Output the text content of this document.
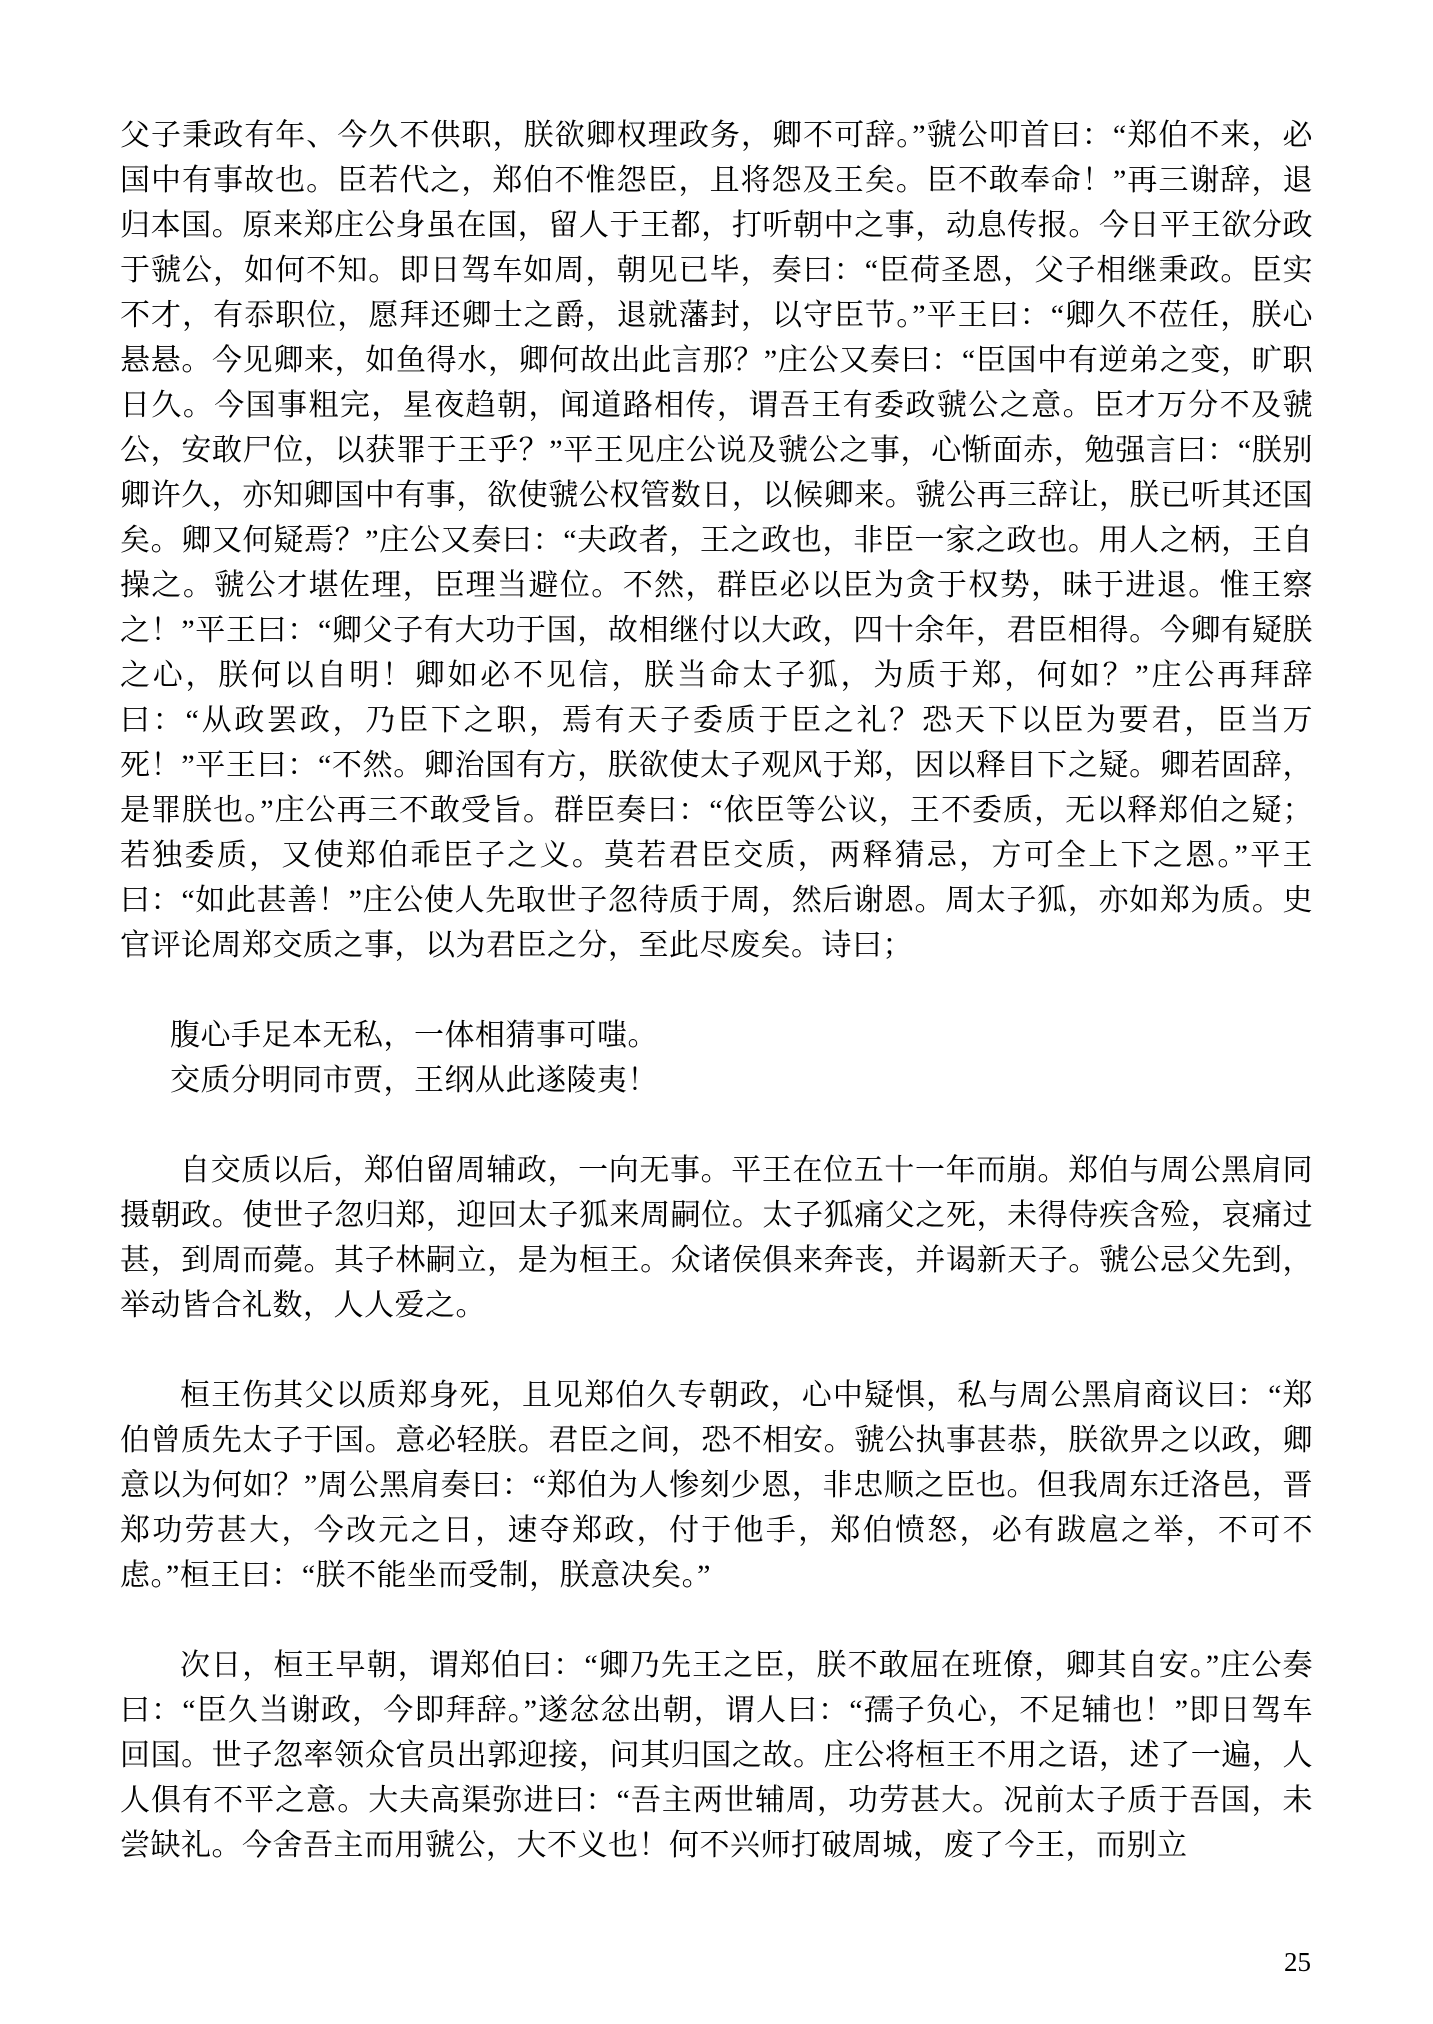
父子秉政有年、今久不供职，朕欲卿权理政务，卿不可辞。”虢公叩首曰：“郑伯不来，必国中有事故也。臣若代之，郑伯不惟怨臣，且将怨及王矣。臣不敢奉命！”再三谢辞，退归本国。原来郑庄公身虽在国，留人于王都，打听朝中之事，动息传报。今日平王欲分政于虢公，如何不知。即日驾车如周，朝见已毕，奏曰：“臣荷圣恩，父子相继秉政。臣实不才，有忝职位，愿拜还卿士之爵，退就藩封，以守臣节。”平王曰：“卿久不莅任，朕心悬悬。今见卿来，如鱼得水，卿何故出此言那？”庄公又奏曰：“臣国中有逆弟之变，旷职日久。今国事粗完，星夜趋朝，闻道路相传，谓吾王有委政虢公之意。臣才万分不及虢公，安敢尸位，以获罪于王乎？”平王见庄公说及虢公之事，心惭面赤，勉强言曰：“朕别卿许久，亦知卿国中有事，欲使虢公权管数日，以候卿来。虢公再三辞让，朕已听其还国矣。卿又何疑焉？”庄公又奏曰：“夫政者，王之政也，非臣一家之政也。用人之柄，王自操之。虢公才堪佐理，臣理当避位。不然，群臣必以臣为贪于权势，昧于进退。惟王察之！”平王曰：“卿父子有大功于国，故相继付以大政，四十余年，君臣相得。今卿有疑朕之心，朕何以自明！卿如必不见信，朕当命太子狐，为质于郑，何如？”庄公再拜辞曰：“从政罢政，乃臣下之职，焉有天子委质于臣之礼？恐天下以臣为要君，臣当万死！”平王曰：“不然。卿治国有方，朕欲使太子观风于郑，因以释目下之疑。卿若固辞，是罪朕也。”庄公再三不敢受旨。群臣奏曰：“依臣等公议，王不委质，无以释郑伯之疑；若独委质，又使郑伯乖臣子之义。莫若君臣交质，两释猜忌，方可全上下之恩。”平王曰：“如此甚善！”庄公使人先取世子忽待质于周，然后谢恩。周太子狐，亦如郑为质。史官评论周郑交质之事，以为君臣之分，至此尽废矣。诗曰；

腹心手足本无私，一体相猜事可嗤。
交质分明同市贾，王纲从此遂陵夷！

自交质以后，郑伯留周辅政，一向无事。平王在位五十一年而崩。郑伯与周公黑肩同摄朝政。使世子忽归郑，迎回太子狐来周嗣位。太子狐痛父之死，未得侍疾含殓，哀痛过甚，到周而薨。其子林嗣立，是为桓王。众诸侯俱来奔丧，并谒新天子。虢公忌父先到，举动皆合礼数，人人爱之。

桓王伤其父以质郑身死，且见郑伯久专朝政，心中疑惧，私与周公黑肩商议曰：“郑伯曾质先太子于国。意必轻朕。君臣之间，恐不相安。虢公执事甚恭，朕欲畀之以政，卿意以为何如？”周公黑肩奏曰：“郑伯为人惨刻少恩，非忠顺之臣也。但我周东迁洛邑，晋郑功劳甚大，今改元之日，速夺郑政，付于他手，郑伯愤怒，必有跋扈之举，不可不虑。”桓王曰：“朕不能坐而受制，朕意决矣。”

次日，桓王早朝，谓郑伯曰：“卿乃先王之臣，朕不敢屈在班僚，卿其自安。”庄公奏曰：“臣久当谢政，今即拜辞。”遂忿忿出朝，谓人曰：“孺子负心，不足辅也！”即日驾车回国。世子忽率领众官员出郭迎接，问其归国之故。庄公将桓王不用之语，述了一遍，人人俱有不平之意。大夫高渠弥进曰：“吾主两世辅周，功劳甚大。况前太子质于吾国，未尝缺礼。今舍吾主而用虢公，大不义也！何不兴师打破周城，废了今王，而别立

25
